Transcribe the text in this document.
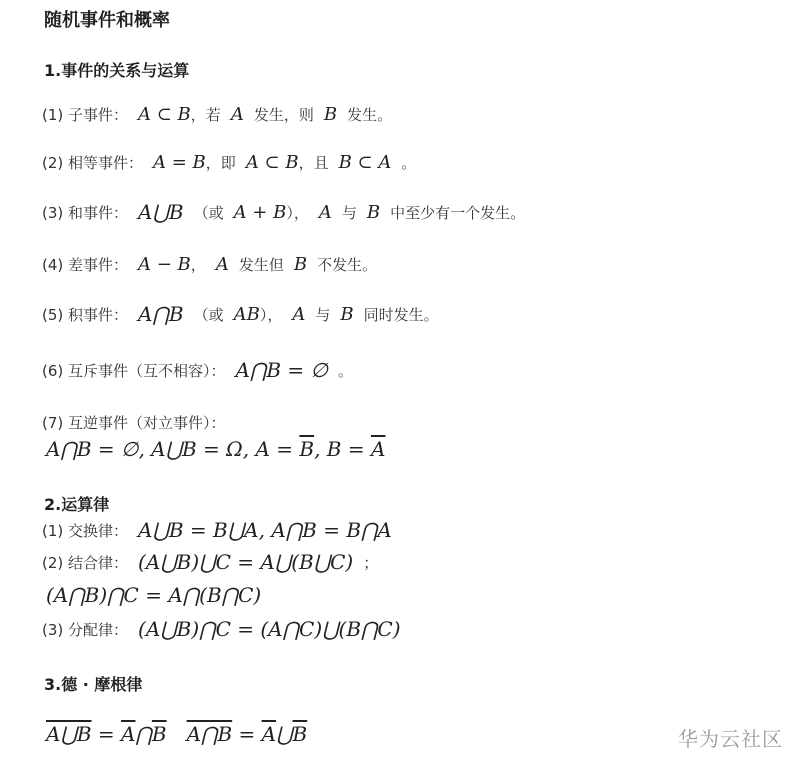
随机事件和概率
1.事件的关系与运算
(1) 子事件： A ⊂ B ，若 A 发生，则 B 发生。
(2) 相等事件： A = B ，即 A ⊂ B ，且 B ⊂ A 。
(3) 和事件： A⋃B （或 A + B ）， A 与 B 中至少有一个发生。
(4) 差事件： A − B ， A 发生但 B 不发生。
(5) 积事件： A⋂B （或 AB ）， A 与 B 同时发生。
(6) 互斥事件（互不相容）： A⋂B = ∅ 。
(7) 互逆事件（对立事件）：
A⋂B = ∅, A⋃B = Ω, $A = \overline{B}$ , $B = \overline{A}$
2.运算律
(1) 交换律： A⋃B = B⋃A, A⋂B = B⋂A
(2) 结合律： (A⋃B)⋃C = A⋃(B⋃C) ；
(A⋂B)⋂C = A⋂(B⋂C)
(3) 分配律： (A⋃B)⋂C = (A⋂C)⋃(B⋂C)
3.德 · 摩根律
A⋃B = $\overline{A}$ ⋂ $\overline{B}$ A⋂B = $\overline{A}$ ⋃ $\overline{B}$	华为云社区
